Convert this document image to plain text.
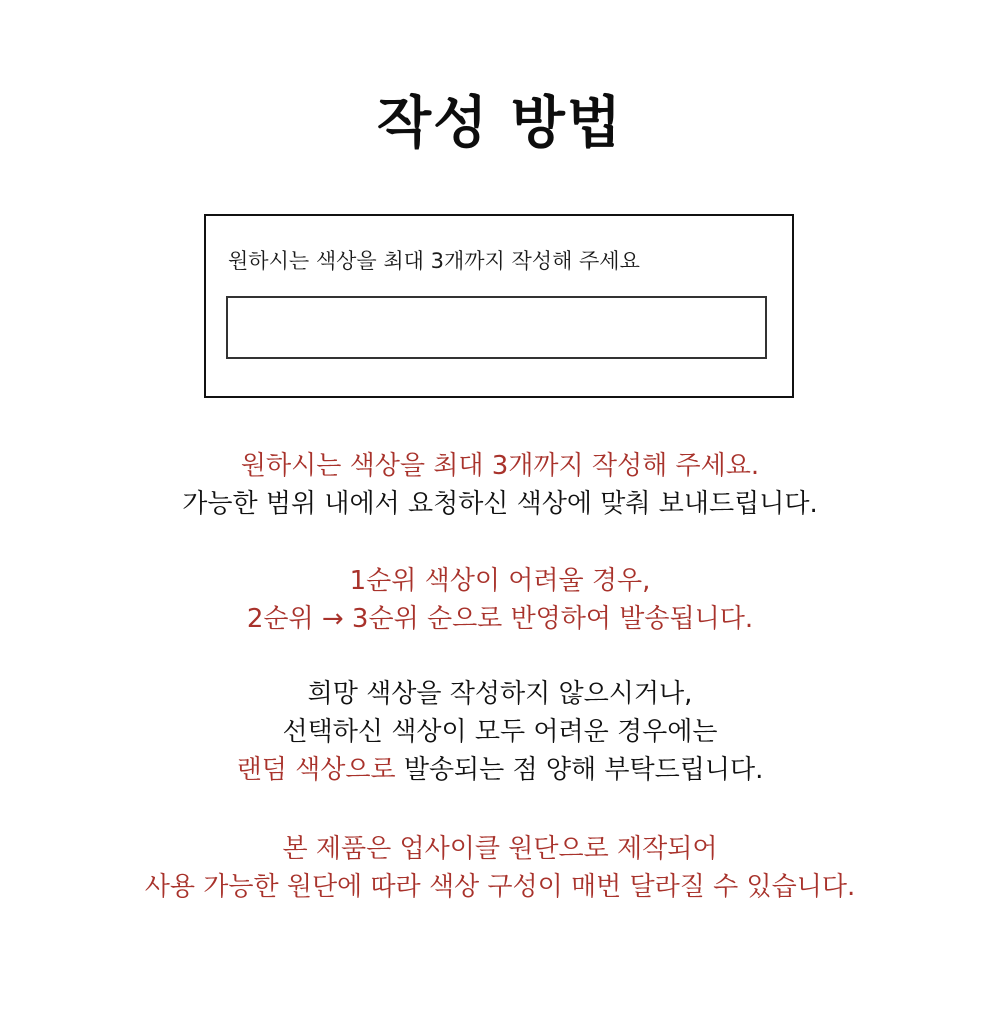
작성 방법
원하시는 색상을 최대 3개까지 작성해 주세요

원하시는 색상을 최대 3개까지 작성해 주세요.

가능한 범위 내에서 요청하신 색상에 맞춰 보내드립니다.

1순위 색상이 어려울 경우,

2순위 → 3순위 순으로 반영하여 발송됩니다.

희망 색상을 작성하지 않으시거나,

선택하신 색상이 모두 어려운 경우에는

랜덤 색상으로 발송되는 점 양해 부탁드립니다.

본 제품은 업사이클 원단으로 제작되어

사용 가능한 원단에 따라 색상 구성이 매번 달라질 수 있습니다.
